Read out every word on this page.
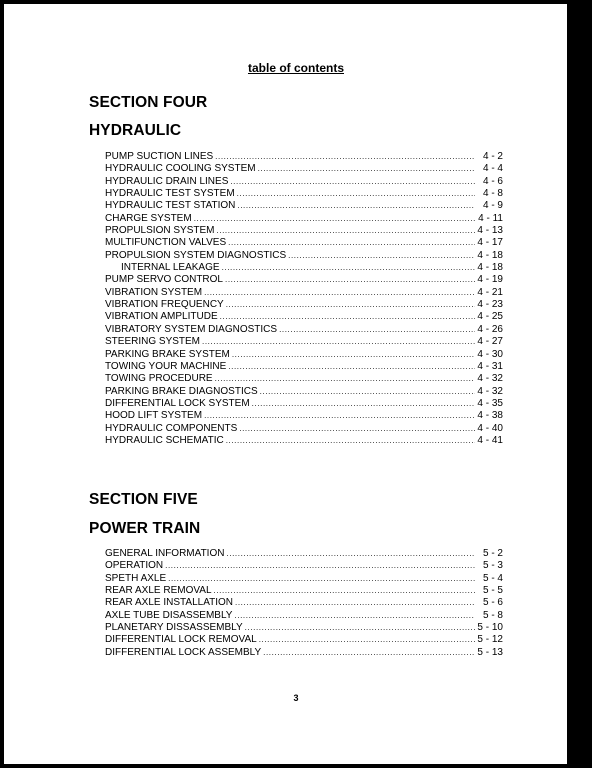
table of contents
SECTION FOUR
HYDRAULIC
PUMP SUCTION LINES .....	4 - 2
HYDRAULIC COOLING SYSTEM .....	4 - 4
HYDRAULIC DRAIN LINES .....	4 - 6
HYDRAULIC TEST SYSTEM .....	4 - 8
HYDRAULIC TEST STATION .....	4 - 9
CHARGE SYSTEM .....	4 - 11
PROPULSION SYSTEM .....	4 - 13
MULTIFUNCTION VALVES .....	4 - 17
PROPULSION SYSTEM DIAGNOSTICS .....	4 - 18
INTERNAL LEAKAGE .....	4 - 18
PUMP SERVO CONTROL .....	4 - 19
VIBRATION SYSTEM .....	4 - 21
VIBRATION FREQUENCY .....	4 - 23
VIBRATION AMPLITUDE .....	4 - 25
VIBRATORY SYSTEM DIAGNOSTICS .....	4 - 26
STEERING SYSTEM .....	4 - 27
PARKING BRAKE SYSTEM .....	4 - 30
TOWING YOUR MACHINE .....	4 - 31
TOWING PROCEDURE .....	4 - 32
PARKING BRAKE DIAGNOSTICS .....	4 - 32
DIFFERENTIAL LOCK SYSTEM .....	4 - 35
HOOD LIFT SYSTEM .....	4 - 38
HYDRAULIC COMPONENTS .....	4 - 40
HYDRAULIC SCHEMATIC .....	4 - 41
SECTION FIVE
POWER TRAIN
GENERAL INFORMATION .....	5 - 2
OPERATION .....	5 - 3
SPETH AXLE .....	5 - 4
REAR AXLE REMOVAL .....	5 - 5
REAR AXLE INSTALLATION .....	5 - 6
AXLE TUBE DISASSEMBLY .....	5 - 8
PLANETARY DISSASSEMBLY .....	5 - 10
DIFFERENTIAL LOCK REMOVAL .....	5 - 12
DIFFERENTIAL LOCK ASSEMBLY .....	5 - 13
3
